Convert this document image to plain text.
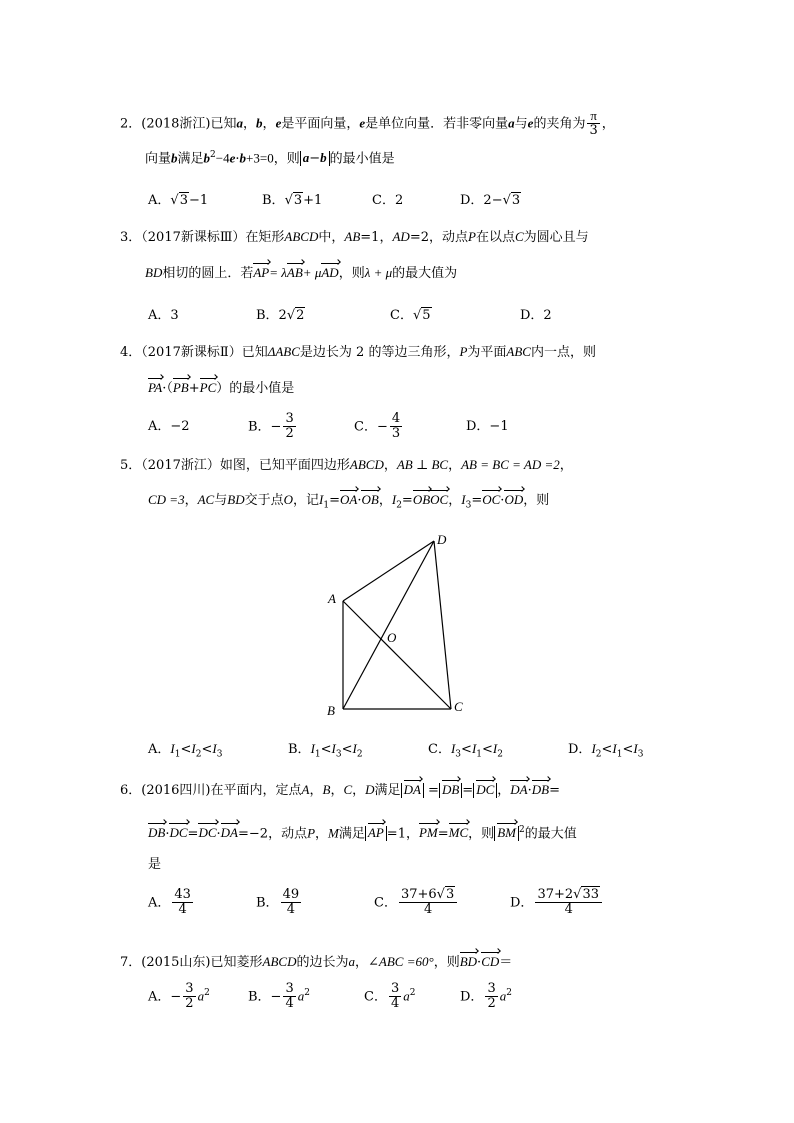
2．(2018浙江)已知a，b，e是平面向量，e是单位向量．若非零向量a与e的夹角为 $\frac{\pi}{3}$ ，
向量b满足$b^2-4e\cdot b+3=0$，则 a−b 的最小值是
A．√3−1	B．√3+1	C．2	D．2−√3
3．（2017新课标Ⅲ）在矩形ABCD中，AB=1，AD=2，动点P在以点C为圆心且与
BD相切的圆上．若AP= λAB+ μAD，则λ + μ的最大值为
A．3	B．2√2	C．√5	D．2
4．（2017新课标Ⅱ）已知ΔABC是边长为 2 的等边三角形，P为平面ABC内一点，则
PA·（PB+PC）的最小值是
A．−2	B．− $\frac{3}{2}$	C．− $\frac{4}{3}$	D．−1
5．（2017浙江）如图，已知平面四边形ABCD，AB ⊥ BC，AB = BC = AD =2，
CD =3，AC与BD交于点O，记$I_1=OA\cdot OB$，$I_2=OBOC$，$I_3=OC\cdot OD$，则
A
B	C
D
O
A．$I_1<I_2<I_3$	B．$I_1<I_3<I_2$	C．$I_3<I_1<I_2$	D．$I_2<I_1<I_3$
6．(2016四川)在平面内，定点A，B，C，D满足 DA = DB = DC ，DA·DB=
DB·DC=DC·DA=−2，动点P，M满足 AP =1，PM=MC，则 BM $^2$的最大值
是
A． $\frac{43}{4}$	B． $\frac{49}{4}$	C． $\frac{37+6√3}{4}$	D． $\frac{37+2√33}{4}$
7．(2015山东)已知菱形ABCD的边长为a，∠ABC =60°，则BD·CD＝
A．− $\frac{3}{2} a^2$	B．− $\frac{3}{4} a^2$	C． $\frac{3}{4} a^2$	D． $\frac{3}{2} a^2$
